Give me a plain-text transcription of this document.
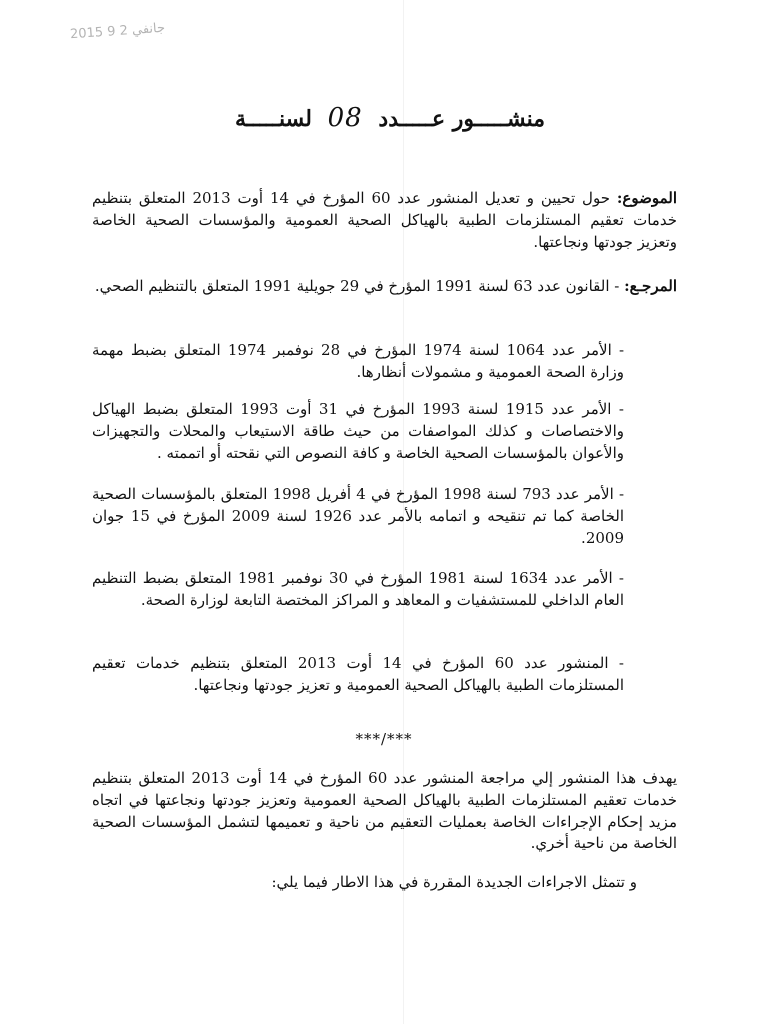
2015 جانفي 2 9
منشـــــور عـــــدد 08 لسنـــــة
الموضوع: حول تحيين و تعديل المنشور عدد 60 المؤرخ في 14 أوت 2013 المتعلق بتنظيم خدمات تعقيم المستلزمات الطبية بالهياكل الصحية العمومية والمؤسسات الصحية الخاصة وتعزيز جودتها ونجاعتها.
المرجـع: - القانون عدد 63 لسنة 1991 المؤرخ في 29 جويلية 1991 المتعلق بالتنظيم الصحي.
- الأمر عدد 1064 لسنة 1974 المؤرخ في 28 نوفمبر 1974 المتعلق بضبط مهمة وزارة الصحة العمومية و مشمولات أنظارها.
- الأمر عدد 1915 لسنة 1993 المؤرخ في 31 أوت 1993 المتعلق بضبط الهياكل والاختصاصات و كذلك المواصفات من حيث طاقة الاستيعاب والمحلات والتجهيزات والأعوان بالمؤسسات الصحية الخاصة و كافة النصوص التي نقحته أو اتممته .
- الأمر عدد 793 لسنة 1998 المؤرخ في 4 أفريل 1998 المتعلق بالمؤسسات الصحية الخاصة كما تم تنقيحه و اتمامه بالأمر عدد 1926 لسنة 2009 المؤرخ في 15 جوان 2009.
- الأمر عدد 1634 لسنة 1981 المؤرخ في 30 نوفمبر 1981 المتعلق بضبط التنظيم العام الداخلي للمستشفيات و المعاهد و المراكز المختصة التابعة لوزارة الصحة.
- المنشور عدد 60 المؤرخ في 14 أوت 2013 المتعلق بتنظيم خدمات تعقيم المستلزمات الطبية بالهياكل الصحية العمومية و تعزيز جودتها ونجاعتها.
***/***
يهدف هذا المنشور إلي مراجعة المنشور عدد 60 المؤرخ في 14 أوت 2013 المتعلق بتنظيم خدمات تعقيم المستلزمات الطبية بالهياكل الصحية العمومية وتعزيز جودتها ونجاعتها في اتجاه مزيد إحكام الإجراءات الخاصة بعمليات التعقيم من ناحية و تعميمها لتشمل المؤسسات الصحية الخاصة من ناحية أخري.
و تتمثل الاجراءات الجديدة المقررة في هذا الاطار فيما يلي:
